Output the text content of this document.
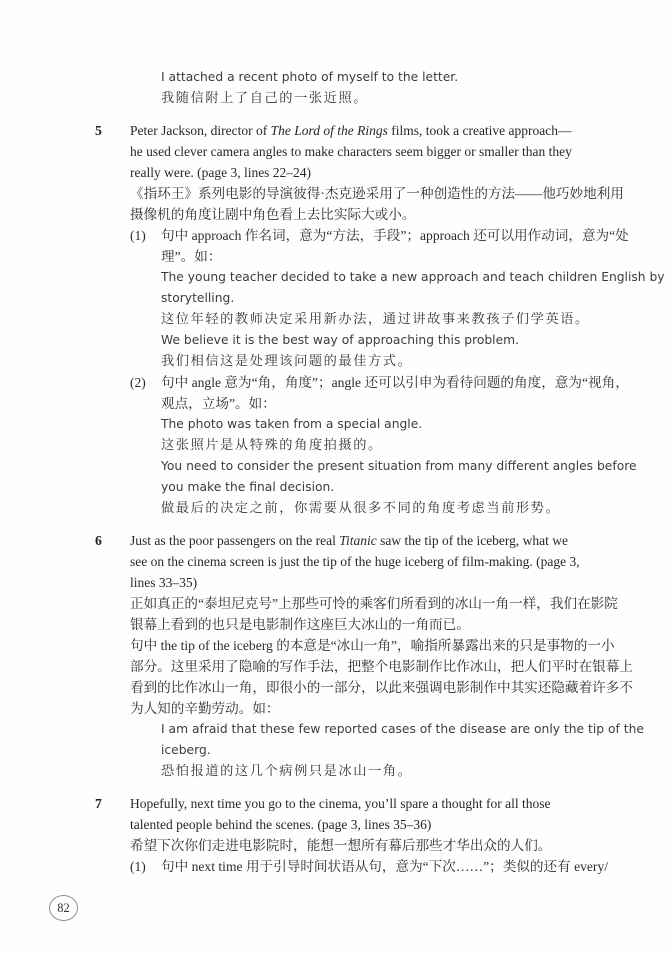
I attached a recent photo of myself to the letter.
我随信附上了自己的一张近照。
5 Peter Jackson, director of The Lord of the Rings films, took a creative approach—
he used clever camera angles to make characters seem bigger or smaller than they
really were. (page 3, lines 22–24)
《指环王》系列电影的导演彼得·杰克逊采用了一种创造性的方法——他巧妙地利用
摄像机的角度让剧中角色看上去比实际大或小。
(1) 句中 approach 作名词，意为“方法，手段”；approach 还可以用作动词，意为“处
理”。如：
The young teacher decided to take a new approach and teach children English by
storytelling.
这位年轻的教师决定采用新办法，通过讲故事来教孩子们学英语。
We believe it is the best way of approaching this problem.
我们相信这是处理该问题的最佳方式。
(2) 句中 angle 意为“角，角度”；angle 还可以引申为看待问题的角度，意为“视角，
观点，立场”。如：
The photo was taken from a special angle.
这张照片是从特殊的角度拍摄的。
You need to consider the present situation from many different angles before
you make the final decision.
做最后的决定之前，你需要从很多不同的角度考虑当前形势。
6 Just as the poor passengers on the real Titanic saw the tip of the iceberg, what we
see on the cinema screen is just the tip of the huge iceberg of film-making. (page 3,
lines 33–35)
正如真正的“泰坦尼克号”上那些可怜的乘客们所看到的冰山一角一样，我们在影院
银幕上看到的也只是电影制作这座巨大冰山的一角而已。
句中 the tip of the iceberg 的本意是“冰山一角”，喻指所暴露出来的只是事物的一小
部分。这里采用了隐喻的写作手法，把整个电影制作比作冰山，把人们平时在银幕上
看到的比作冰山一角，即很小的一部分，以此来强调电影制作中其实还隐藏着许多不
为人知的辛勤劳动。如：
I am afraid that these few reported cases of the disease are only the tip of the
iceberg.
恐怕报道的这几个病例只是冰山一角。
7 Hopefully, next time you go to the cinema, you’ll spare a thought for all those
talented people behind the scenes. (page 3, lines 35–36)
希望下次你们走进电影院时，能想一想所有幕后那些才华出众的人们。
(1) 句中 next time 用于引导时间状语从句，意为“下次……”；类似的还有 every/
82
